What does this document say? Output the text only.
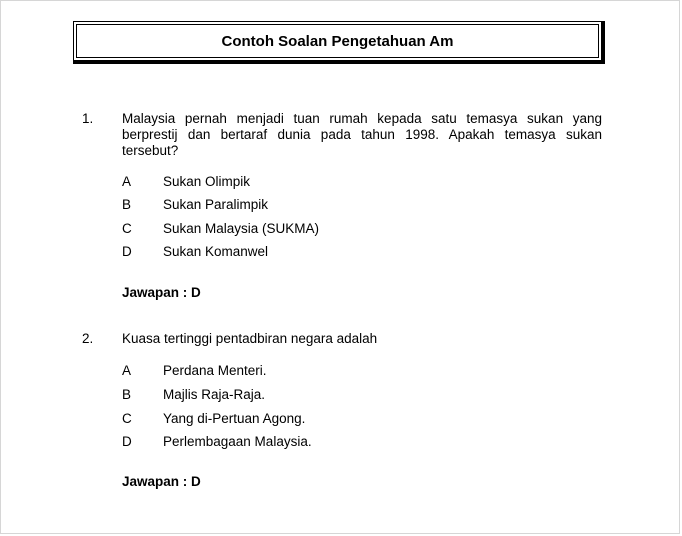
Contoh Soalan Pengetahuan Am
1. Malaysia pernah menjadi tuan rumah kepada satu temasya sukan yang
berprestij dan bertaraf dunia pada tahun 1998. Apakah temasya sukan
tersebut?
A Sukan Olimpik
B Sukan Paralimpik
C Sukan Malaysia (SUKMA)
D Sukan Komanwel
Jawapan : D
2. Kuasa tertinggi pentadbiran negara adalah
A Perdana Menteri.
B Majlis Raja-Raja.
C Yang di-Pertuan Agong.
D Perlembagaan Malaysia.
Jawapan : D
